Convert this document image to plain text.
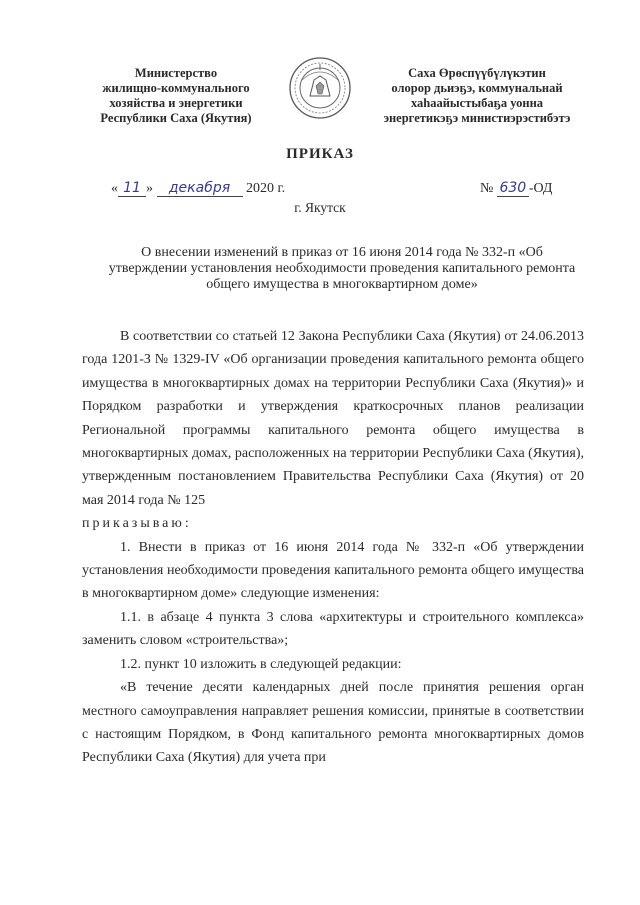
Министерство
жилищно-коммунального
хозяйства и энергетики
Республики Саха (Якутия)
Саха Өрөспүүбүлүкэтин
олорор дьиэҕэ, коммунальнай
хаһаайыстыбаҕа уонна
энергетикэҕэ министиэрэстибэтэ
ПРИКАЗ
« 11 » декабря 2020 г.	№ 630 -ОД
г. Якутск
О внесении изменений в приказ от 16 июня 2014 года № 332-п «Об утверждении установления необходимости проведения капитального ремонта общего имущества в многоквартирном доме»

В соответствии со статьей 12 Закона Республики Саха (Якутия) от 24.06.2013 года 1201-З № 1329-IV «Об организации проведения капитального ремонта общего имущества в многоквартирных домах на территории Республики Саха (Якутия)» и Порядком разработки и утверждения краткосрочных планов реализации Региональной программы капитального ремонта общего имущества в многоквартирных домах, расположенных на территории Республики Саха (Якутия), утвержденным постановлением Правительства Республики Саха (Якутия) от 20 мая 2014 года № 125

приказываю:

1. Внести в приказ от 16 июня 2014 года № 332-п «Об утверждении установления необходимости проведения капитального ремонта общего имущества в многоквартирном доме» следующие изменения:

1.1. в абзаце 4 пункта 3 слова «архитектуры и строительного комплекса» заменить словом «строительства»;

1.2. пункт 10 изложить в следующей редакции:

«В течение десяти календарных дней после принятия решения орган местного самоуправления направляет решения комиссии, принятые в соответствии с настоящим Порядком, в Фонд капитального ремонта многоквартирных домов Республики Саха (Якутия) для учета при
